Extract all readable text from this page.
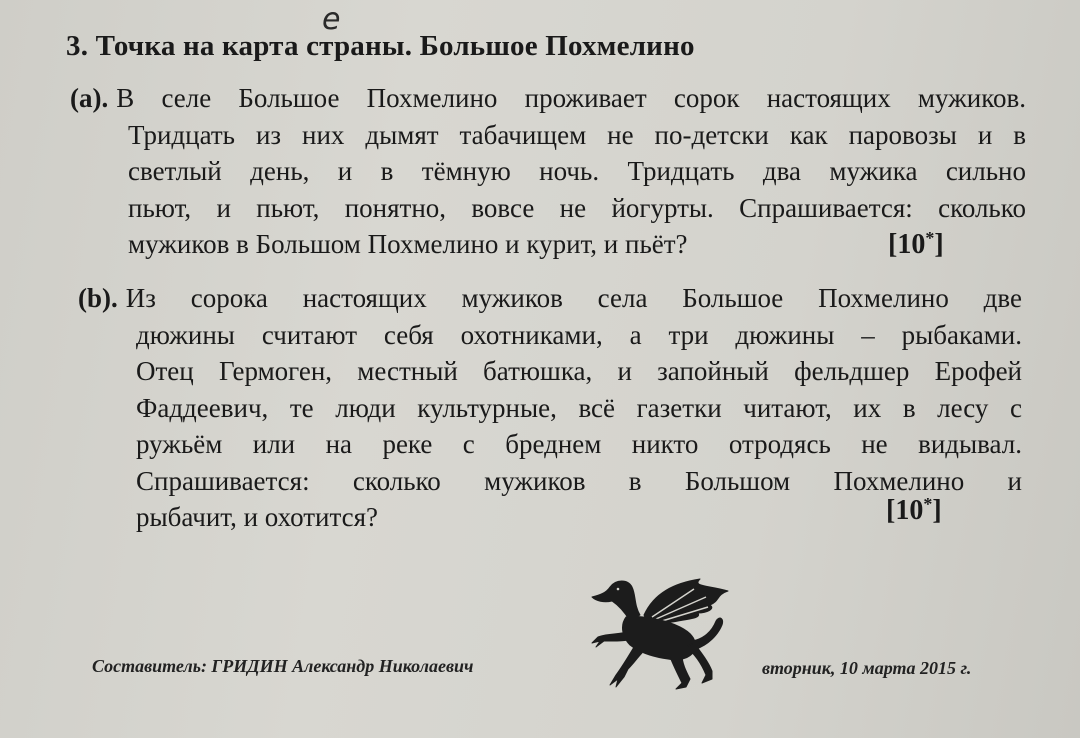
3. Точка на карта страны. Большое Похмелино
е
(a). В селе Большое Похмелино проживает сорок настоящих мужиков.
Тридцать из них дымят табачищем не по-детски как паровозы и в
светлый день, и в тёмную ночь. Тридцать два мужика сильно
пьют, и пьют, понятно, вовсе не йогурты. Спрашивается: сколько
мужиков в Большом Похмелино и курит, и пьёт?	[10*]
(b). Из сорока настоящих мужиков села Большое Похмелино две
дюжины считают себя охотниками, а три дюжины – рыбаками.
Отец Гермоген, местный батюшка, и запойный фельдшер Ерофей
Фаддеевич, те люди культурные, всё газетки читают, их в лесу с
ружьём или на реке с бреднем никто отродясь не видывал.
Спрашивается: сколько мужиков в Большом Похмелино и
рыбачит, и охотится?	[10*]
Составитель: ГРИДИН Александр Николаевич	вторник, 10 марта 2015 г.
